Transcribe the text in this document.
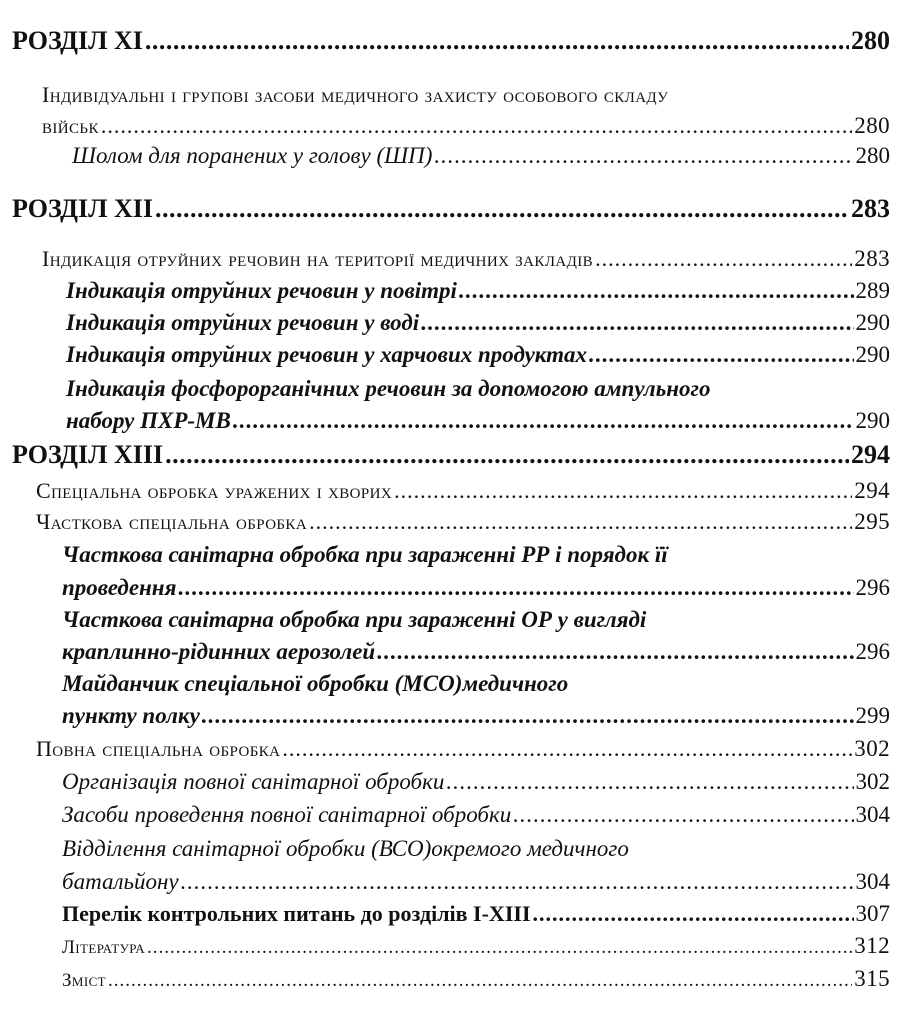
РОЗДІЛ XI .....	280
Індивідуальні і групові засоби медичного захисту особового складу
військ .....	280
Шолом для поранених у голову (ШП) .....	280
РОЗДІЛ XII .....	283
Індикація отруйних речовин на території медичних закладів .....	283
Індикація отруйних речовин у повітрі .....	289
Індикація отруйних речовин у воді .....	290
Індикація отруйних речовин у харчових продуктах .....	290
Індикація фосфорорганічних речовин за допомогою ампульного
набору ПХР-МВ .....	290
РОЗДІЛ XIII .....	294
Спеціальна обробка уражених і хворих .....	294
Часткова спеціальна обробка .....	295
Часткова санітарна обробка при зараженні РР і порядок її
проведення .....	296
Часткова санітарна обробка при зараженні ОР у вигляді
краплинно-рідинних аерозолей .....	296
Майданчик спеціальної обробки (МСО)медичного
пункту полку .....	299
Повна спеціальна обробка .....	302
Організація повної санітарної обробки .....	302
Засоби проведення повної санітарної обробки .....	304
Відділення санітарної обробки (ВСО)окремого медичного
батальйону .....	304
Перелік контрольних питань до розділів I-XIII .....	307
Література .....	312
Зміст .....	315
